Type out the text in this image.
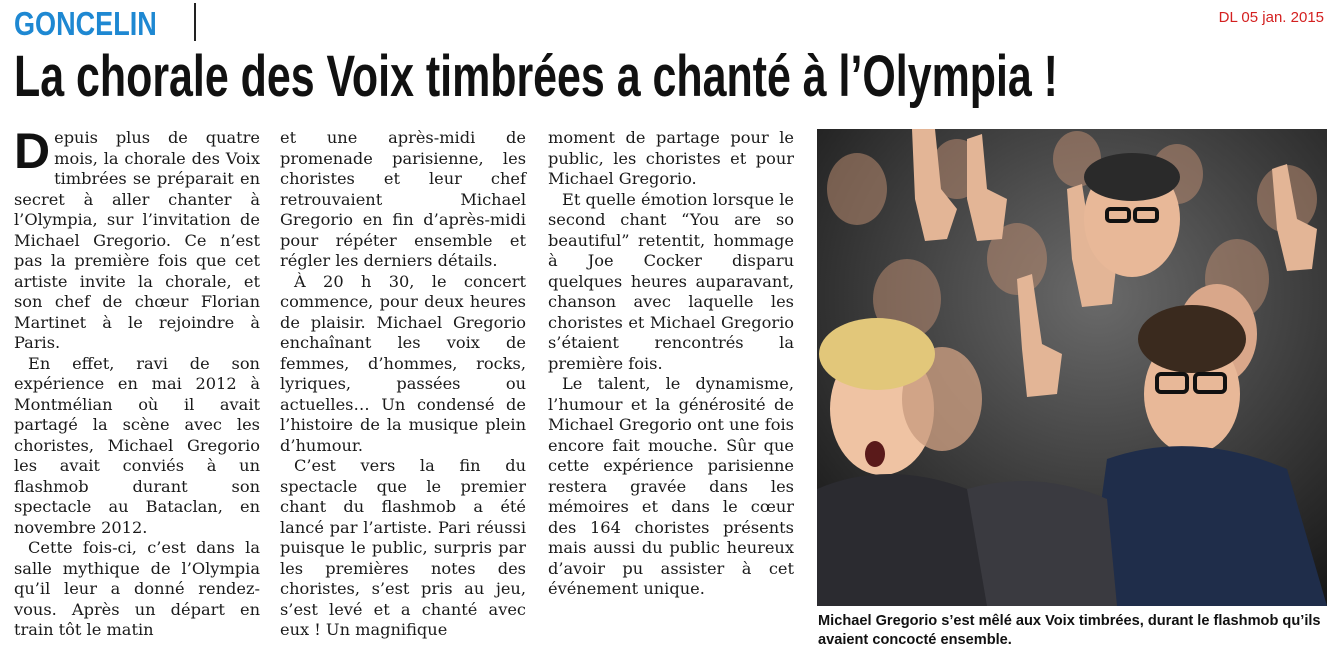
GONCELIN	DL 05 jan. 2015
La chorale des Voix timbrées a chanté à l’Olympia !

Depuis plus de quatre mois, la chorale des Voix timbrées se préparait en secret à aller chanter à l’Olympia, sur l’invitation de Michael Gregorio. Ce n’est pas la première fois que cet artiste invite la chorale, et son chef de chœur Florian Martinet à le rejoindre à Paris.

En effet, ravi de son expérience en mai 2012 à Montmélian où il avait partagé la scène avec les choristes, Michael Gregorio les avait conviés à un flashmob durant son spectacle au Bataclan, en novembre 2012.

Cette fois-ci, c’est dans la salle mythique de l’Olympia qu’il leur a donné rendez-vous. Après un départ en train tôt le matin

et une après-midi de promenade parisienne, les choristes et leur chef retrouvaient Michael Gregorio en fin d’après-midi pour répéter ensemble et régler les derniers détails.

À 20 h 30, le concert commence, pour deux heures de plaisir. Michael Gregorio enchaînant les voix de femmes, d’hommes, rocks, lyriques, passées ou actuelles… Un condensé de l’histoire de la musique plein d’humour.

C’est vers la fin du spectacle que le premier chant du flashmob a été lancé par l’artiste. Pari réussi puisque le public, surpris par les premières notes des choristes, s’est pris au jeu, s’est levé et a chanté avec eux ! Un magnifique

moment de partage pour le public, les choristes et pour Michael Gregorio.

Et quelle émotion lorsque le second chant “You are so beautiful” retentit, hommage à Joe Cocker disparu quelques heures auparavant, chanson avec laquelle les choristes et Michael Gregorio s’étaient rencontrés la première fois.

Le talent, le dynamisme, l’humour et la générosité de Michael Gregorio ont une fois encore fait mouche. Sûr que cette expérience parisienne restera gravée dans les mémoires et dans le cœur des 164 choristes présents mais aussi du public heureux d’avoir pu assister à cet événement unique.

Michael Gregorio s’est mêlé aux Voix timbrées, durant le flashmob qu’ils avaient concocté ensemble.
